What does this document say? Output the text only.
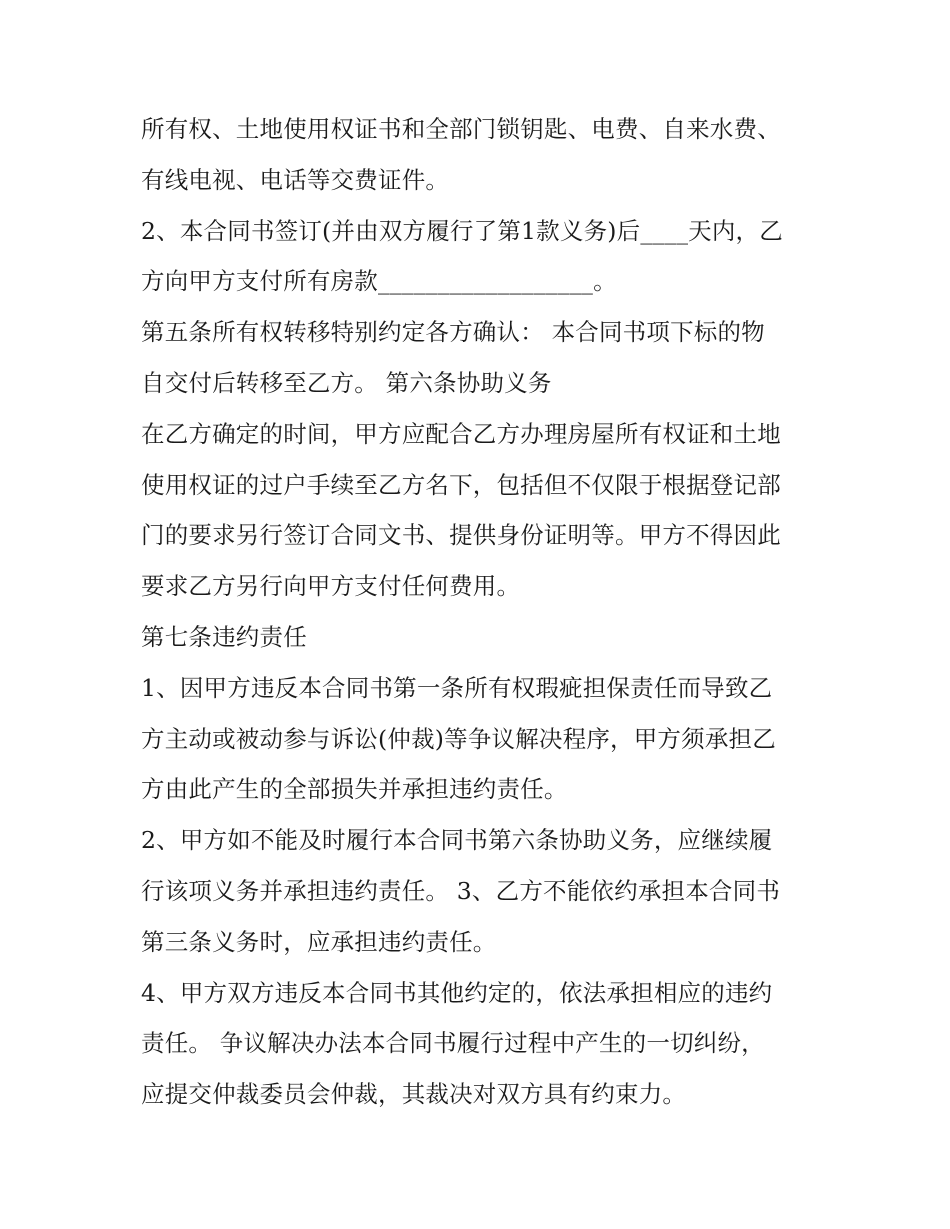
所有权、土地使用权证书和全部门锁钥匙、电费、自来水费、
有线电视、电话等交费证件。
2、本合同书签订(并由双方履行了第1款义务)后____天内，乙
方向甲方支付所有房款__________________。
第五条所有权转移特别约定各方确认： 本合同书项下标的物
自交付后转移至乙方。 第六条协助义务
在乙方确定的时间，甲方应配合乙方办理房屋所有权证和土地
使用权证的过户手续至乙方名下，包括但不仅限于根据登记部
门的要求另行签订合同文书、提供身份证明等。甲方不得因此
要求乙方另行向甲方支付任何费用。
第七条违约责任
1、因甲方违反本合同书第一条所有权瑕疵担保责任而导致乙
方主动或被动参与诉讼(仲裁)等争议解决程序，甲方须承担乙
方由此产生的全部损失并承担违约责任。
2、甲方如不能及时履行本合同书第六条协助义务，应继续履
行该项义务并承担违约责任。 3、乙方不能依约承担本合同书
第三条义务时，应承担违约责任。
4、甲方双方违反本合同书其他约定的，依法承担相应的违约
责任。 争议解决办法本合同书履行过程中产生的一切纠纷，
应提交仲裁委员会仲裁，其裁决对双方具有约束力。
